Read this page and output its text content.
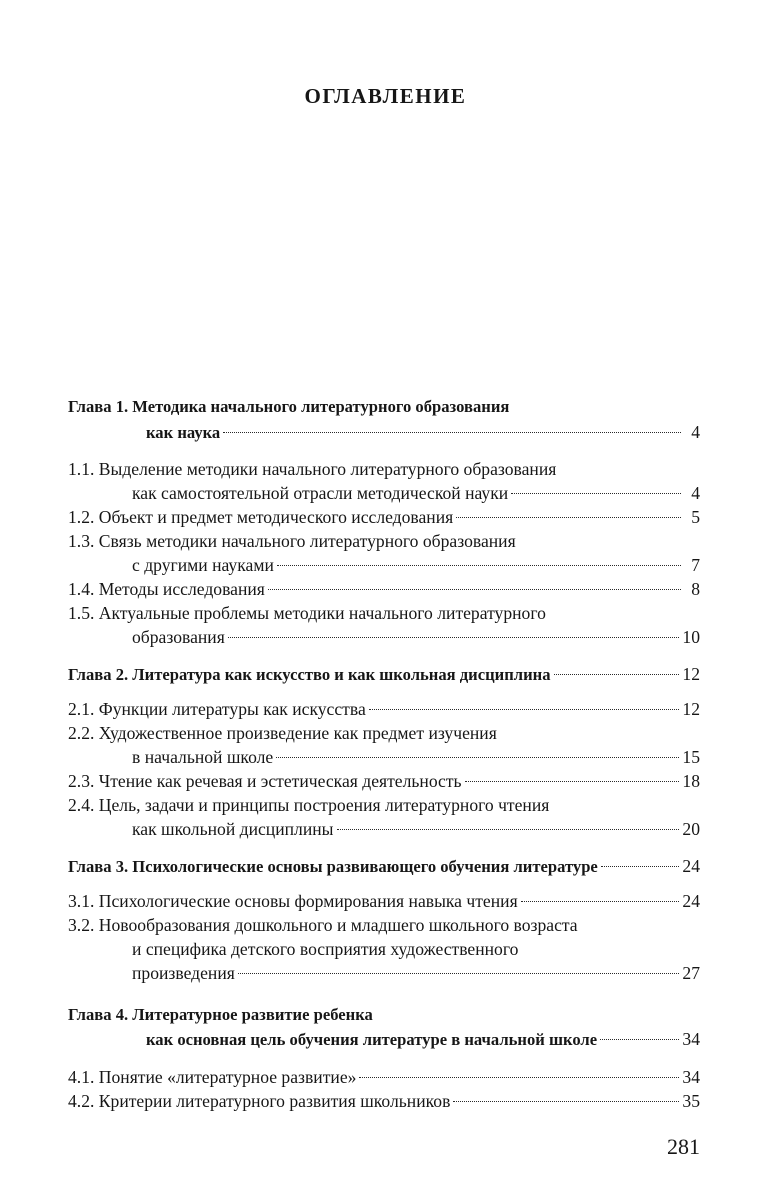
ОГЛАВЛЕНИЕ
Глава 1. Методика начального литературного образования
как наука	4
1.1. Выделение методики начального литературного образования
как самостоятельной отрасли методической науки	4
1.2. Объект и предмет методического исследования	5
1.3. Связь методики начального литературного образования
с другими науками	7
1.4. Методы исследования	8
1.5. Актуальные проблемы методики начального литературного
образования	10
Глава 2. Литература как искусство и как школьная дисциплина	12
2.1. Функции литературы как искусства	12
2.2. Художественное произведение как предмет изучения
в начальной школе	15
2.3. Чтение как речевая и эстетическая деятельность	18
2.4. Цель, задачи и принципы построения литературного чтения
как школьной дисциплины	20
Глава 3. Психологические основы развивающего обучения литературе	24
3.1. Психологические основы формирования навыка чтения	24
3.2. Новообразования дошкольного и младшего школьного возраста
и специфика детского восприятия художественного
произведения	27
Глава 4. Литературное развитие ребенка
как основная цель обучения литературе в начальной школе	34
4.1. Понятие «литературное развитие»	34
4.2. Критерии литературного развития школьников	35
281
